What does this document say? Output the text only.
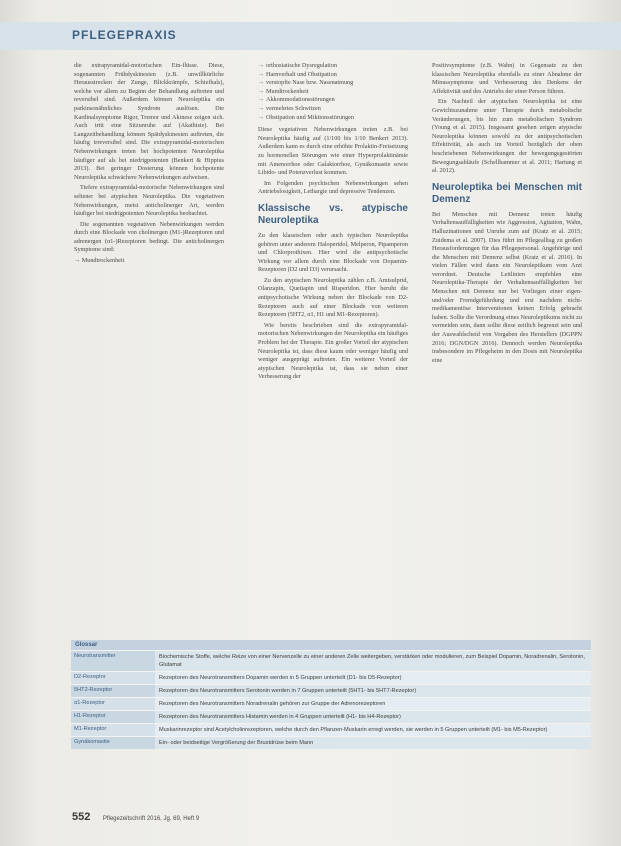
PFLEGEPRAXIS

die extrapyramidal-motorischen Ein-flüsse. Diese, sogenannten Frühdyskinesien (z.B. unwillkürliche Herausstrecken der Zunge, Blickkrämpfe, Schiefhals), welche vor allem zu Beginn der Behandlung auftreten und reversibel sind. Außerdem können Neuroleptika ein parkinsonähnliches Syndrom auslösen. Die Kardinalsymptome Rigor, Tremor und Akinese zeigen sich. Auch tritt eine Sitzunruhe auf (Akathisie). Bei Langzeitbehandlung können Spätdyskinesien auftreten, die häufig irreversibel sind. Die extrapyramidal-motorischen Nebenwirkungen treten bei hochpotenten Neuroleptika häufiger auf als bei niedrigpotenten (Benkert & Hippius 2013). Bei geringer Dosierung können hochpotente Neuroleptika schwächere Nebenwirkungen aufweisen.

Tiefere extrapyramidal-motorische Nebenwirkungen sind seltener bei atypischen Neuroleptika. Die vegetativen Nebenwirkungen, meist anticholinerger Art, werden häufiger bei niedrigpotenten Neuroleptika beobachtet.

Die sogenannten vegetativen Nebenwirkungen werden durch eine Blockade von cholinergen (M1-)Rezeptoren und adrenergen (α1-)Rezeptoren bedingt. Die anticholinergen Symptome sind:

→ Mundtrockenheit

→ orthostatische Dysregulation
→ Harnverhalt und Obstipation
→ verstopfte Nase bzw. Nasenatmung
→ Mundtrockenheit
→ Akkommodationsstörungen
→ vermehrtes Schwitzen
→ Obstipation und Miktionsstörungen

Diese vegetativen Nebenwirkungen treten z.B. bei Neuroleptika häufig auf (1/100 bis 1/10 Benkert 2013). Außerdem kann es durch eine erhöhte Prolaktin-Freisetzung zu hormonellen Störungen wie einer Hyperprolaktinämie mit Amenorrhoe oder Galaktorrhoe, Gynäkomastie sowie Libido- und Potenzverlust kommen.

Im Folgenden psychischen Nebenwirkungen sehen Antriebslosigkeit, Lethargie und depressive Tendenzen.

Klassische vs. atypische Neuroleptika

Zu den klassischen oder auch typischen Neuroleptika gehören unter anderem Haloperidol, Melperon, Pipamperon und Chlorprothixen. Hier wird die antipsychotische Wirkung vor allem durch eine Blockade von Dopamin-Rezeptoren (D2 und D3) verursacht.

Zu den atypischen Neuroleptika zählen z.B. Amisulprid, Olanzapin, Quetiapin und Risperidon. Hier beruht die antipsychotische Wirkung neben der Blockade von D2-Rezeptoren auch auf einer Blockade von weiteren Rezeptoren (5HT2, α1, H1 und M1-Rezeptoren).

Wie bereits beschrieben sind die extrapyramidal-motorischen Nebenwirkungen der Neuroleptika ein häufiges Problem bei der Therapie. Ein großer Vorteil der atypischen Neuroleptika ist, dass diese kaum oder weniger häufig und weniger ausgeprägt auftreten. Ein weiterer Vorteil der atypischen Neuroleptika ist, dass sie neben einer Verbesserung der

Positivsymptome (z.B. Wahn) in Gegensatz zu den klassischen Neuroleptika ebenfalls zu einer Abnahme der Minussymptome und Verbesserung des Denkens der Affektivität und des Antriebs der einer Person führen.

Ein Nachteil der atypischen Neuroleptika ist eine Gewichtszunahme unter Therapie durch metabolische Veränderungen, bis hin zum metabolischen Syndrom (Young et al. 2015). Insgesamt gesehen zeigen atypische Neuroleptika können sowohl zu der antipsychotischen Effektivität, als auch im Vorteil bezüglich der oben beschriebenen Nebenwirkungen der bewegungsgestörten Bewegungsabläufe (Schellhammer et al. 2011; Hartung et al. 2012).

Neuroleptika bei Menschen mit Demenz

Bei Menschen mit Demenz treten häufig Verhaltensauffälligkeiten wie Aggression, Agitation, Wahn, Halluzinationen und Unruhe zum auf (Kratz et al. 2015; Zuidema et al. 2007). Dies führt im Pflegealltag zu großen Herausforderungen für das Pflegepersonal. Angehörige und die Menschen mit Demenz selbst (Kratz et al. 2016). In vielen Fällen wird dann ein Neuroleptikum vom Arzt verordnet. Deutsche Leitlinien empfehlen eine Neuroleptika-Therapie der Verhaltensauffälligkeiten bei Menschen mit Demenz nur bei Vorliegen einer eigen- und/oder Fremdgefährdung und erst nachdem nicht-medikamentöse Interventionen keinen Erfolg gebracht haben. Sollte die Verordnung eines Neuroleptikums nicht zu vermeiden sein, dann sollte diese zeitlich begrenzt sein und der Auswahlscheid von Vorgaben des Herstellers (DGPPN 2016; DGN/DGN 2016). Dennoch werden Neuroleptika insbesondere im Pflegeheim in den Dosis mit Neuroleptika eine

Glossar
Neurotransmitter	Biochemische Stoffe, welche Reize von einer Nervenzelle zu einer anderen Zelle weitergeben, verstärken oder modulieren, zum Beispiel Dopamin, Noradrenalin, Serotonin, Glutamat
D2-Rezeptor	Rezeptoren des Neurotransmitters Dopamin werden in 5 Gruppen unterteilt (D1- bis D5-Rezeptor)
5HT2-Rezeptor	Rezeptoren des Neurotransmitters Serotonin werden in 7 Gruppen unterteilt (5HT1- bis 5HT7-Rezeptor)
α1-Rezeptor	Rezeptoren des Neurotransmitters Noradrenalin gehören zur Gruppe der Adrenorezeptoren
H1-Rezeptor	Rezeptoren des Neurotransmitters Histamin werden in 4 Gruppen unterteilt (H1- bis H4-Rezeptor)
M1-Rezeptor	Muskarinrezeptor sind Acetylcholinrezeptoren, welche durch den Pflanzen-Muskarin erregt werden, sie werden in 5 Gruppen unterteilt (M1- bis M5-Rezeptor)
Gynäkomastie	Ein- oder beidseitige Vergrößerung der Brustdrüse beim Mann
552 Pflegezeitschrift 2016, Jg. 69, Heft 9
